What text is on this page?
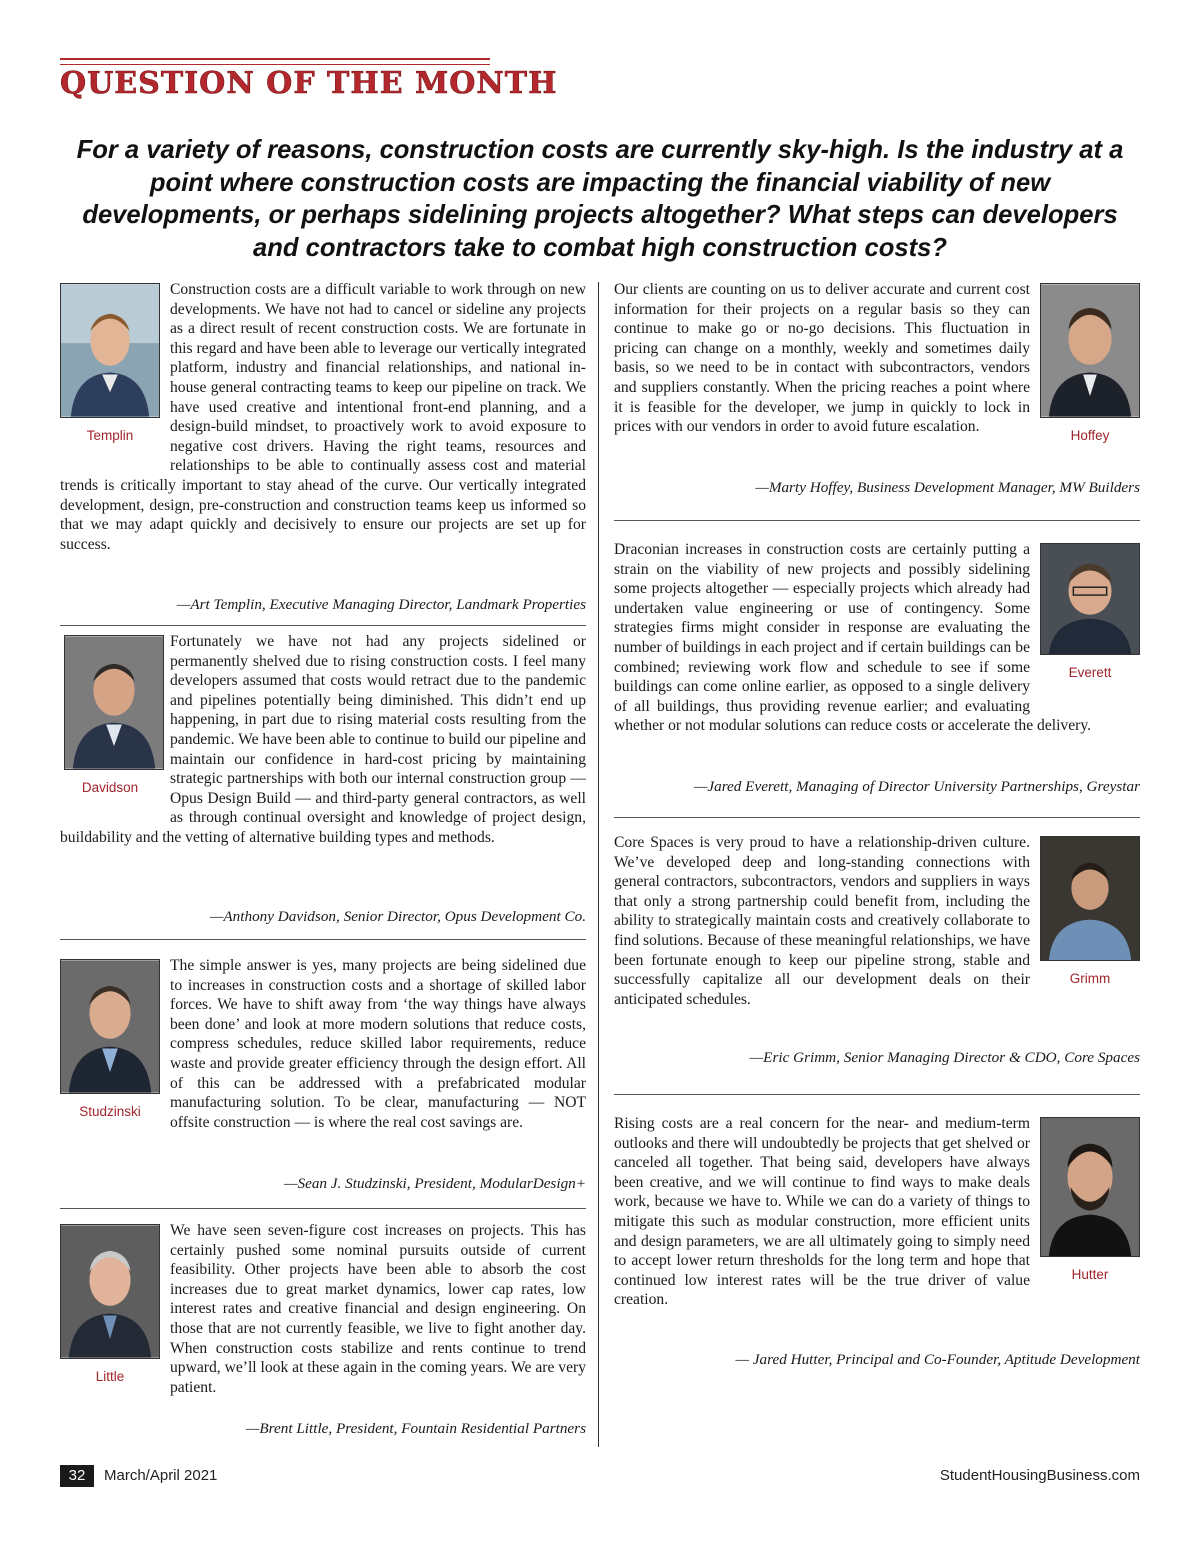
QUESTION OF THE MONTH
For a variety of reasons, construction costs are currently sky-high. Is the industry at a point where construction costs are impacting the financial viability of new developments, or perhaps sidelining projects altogether? What steps can developers and contractors take to combat high construction costs?
Templin
Construction costs are a difficult variable to work through on new developments. We have not had to cancel or sideline any projects as a direct result of recent construction costs. We are fortunate in this regard and have been able to leverage our vertically integrated platform, industry and financial relationships, and national in-house general contracting teams to keep our pipeline on track. We have used creative and intentional front-end planning, and a design-build mindset, to proactively work to avoid exposure to negative cost drivers. Having the right teams, resources and relationships to be able to continually assess cost and material trends is critically important to stay ahead of the curve. Our vertically integrated development, design, pre-construction and construction teams keep us informed so that we may adapt quickly and decisively to ensure our projects are set up for success.
—Art Templin, Executive Managing Director, Landmark Properties
Davidson
Fortunately we have not had any projects sidelined or permanently shelved due to rising construction costs. I feel many developers assumed that costs would retract due to the pandemic and pipelines potentially being diminished. This didn’t end up happening, in part due to rising material costs resulting from the pandemic. We have been able to continue to build our pipeline and maintain our confidence in hard-cost pricing by maintaining strategic partnerships with both our internal construction group — Opus Design Build — and third-party general contractors, as well as through continual oversight and knowledge of project design, buildability and the vetting of alternative building types and methods.
—Anthony Davidson, Senior Director, Opus Development Co.
Studzinski
The simple answer is yes, many projects are being sidelined due to increases in construction costs and a shortage of skilled labor forces. We have to shift away from ‘the way things have always been done’ and look at more modern solutions that reduce costs, compress schedules, reduce skilled labor requirements, reduce waste and provide greater efficiency through the design effort. All of this can be addressed with a prefabricated modular manufacturing solution. To be clear, manufacturing — NOT offsite construction — is where the real cost savings are.
—Sean J. Studzinski, President, ModularDesign+
Little
We have seen seven-figure cost increases on projects. This has certainly pushed some nominal pursuits outside of current feasibility. Other projects have been able to absorb the cost increases due to great market dynamics, lower cap rates, low interest rates and creative financial and design engineering. On those that are not currently feasible, we live to fight another day. When construction costs stabilize and rents continue to trend upward, we’ll look at these again in the coming years. We are very patient.
—Brent Little, President, Fountain Residential Partners
Hoffey
Our clients are counting on us to deliver accurate and current cost information for their projects on a regular basis so they can continue to make go or no-go decisions. This fluctuation in pricing can change on a monthly, weekly and sometimes daily basis, so we need to be in contact with subcontractors, vendors and suppliers constantly. When the pricing reaches a point where it is feasible for the developer, we jump in quickly to lock in prices with our vendors in order to avoid future escalation.
—Marty Hoffey, Business Development Manager, MW Builders
Everett
Draconian increases in construction costs are certainly putting a strain on the viability of new projects and possibly sidelining some projects altogether — especially projects which already had undertaken value engineering or use of contingency. Some strategies firms might consider in response are evaluating the number of buildings in each project and if certain buildings can be combined; reviewing work flow and schedule to see if some buildings can come online earlier, as opposed to a single delivery of all buildings, thus providing revenue earlier; and evaluating whether or not modular solutions can reduce costs or accelerate the delivery.
—Jared Everett, Managing of Director University Partnerships, Greystar
Grimm
Core Spaces is very proud to have a relationship-driven culture. We’ve developed deep and long-standing connections with general contractors, subcontractors, vendors and suppliers in ways that only a strong partnership could benefit from, including the ability to strategically maintain costs and creatively collaborate to find solutions. Because of these meaningful relationships, we have been fortunate enough to keep our pipeline strong, stable and successfully capitalize all our development deals on their anticipated schedules.
—Eric Grimm, Senior Managing Director & CDO, Core Spaces
Hutter
Rising costs are a real concern for the near- and medium-term outlooks and there will undoubtedly be projects that get shelved or canceled all together. That being said, developers have always been creative, and we will continue to find ways to make deals work, because we have to. While we can do a variety of things to mitigate this such as modular construction, more efficient units and design parameters, we are all ultimately going to simply need to accept lower return thresholds for the long term and hope that continued low interest rates will be the true driver of value creation.
— Jared Hutter, Principal and Co-Founder, Aptitude Development
32	March/April 2021	StudentHousingBusiness.com
